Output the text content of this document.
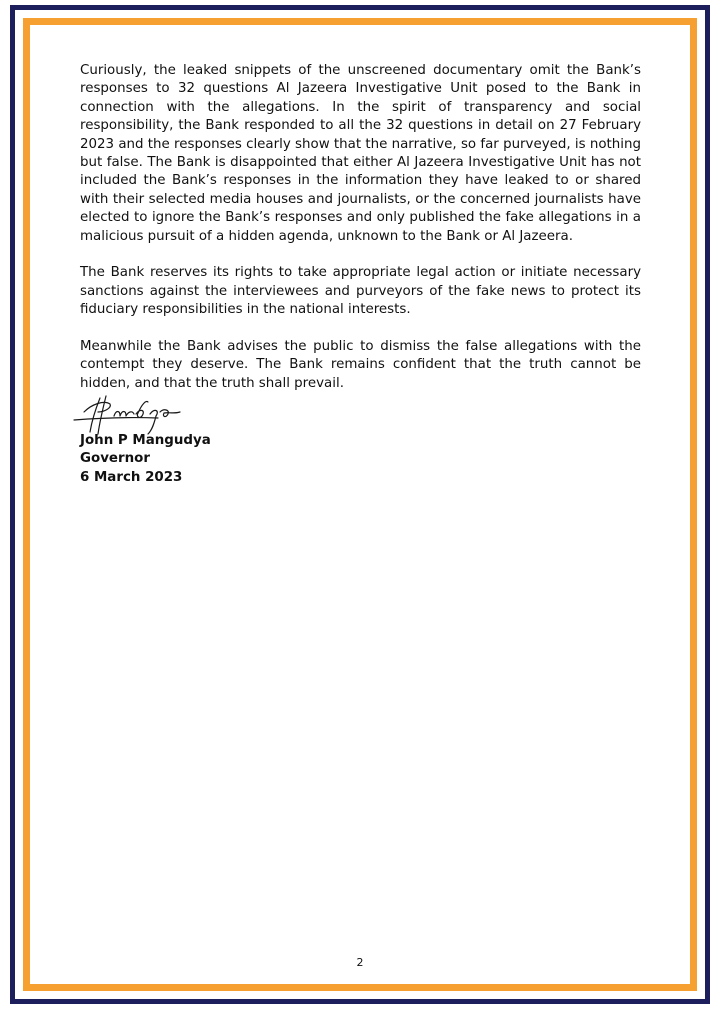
Curiously, the leaked snippets of the unscreened documentary omit the Bank’s responses to 32 questions Al Jazeera Investigative Unit posed to the Bank in connection with the allegations. In the spirit of transparency and social responsibility, the Bank responded to all the 32 questions in detail on 27 February 2023 and the responses clearly show that the narrative, so far purveyed, is nothing but false. The Bank is disappointed that either Al Jazeera Investigative Unit has not included the Bank’s responses in the information they have leaked to or shared with their selected media houses and journalists, or the concerned journalists have elected to ignore the Bank’s responses and only published the fake allegations in a malicious pursuit of a hidden agenda, unknown to the Bank or Al Jazeera.

The Bank reserves its rights to take appropriate legal action or initiate necessary sanctions against the interviewees and purveyors of the fake news to protect its fiduciary responsibilities in the national interests.

Meanwhile the Bank advises the public to dismiss the false allegations with the contempt they deserve. The Bank remains confident that the truth cannot be hidden, and that the truth shall prevail.

John P Mangudya
Governor
6 March 2023
2
